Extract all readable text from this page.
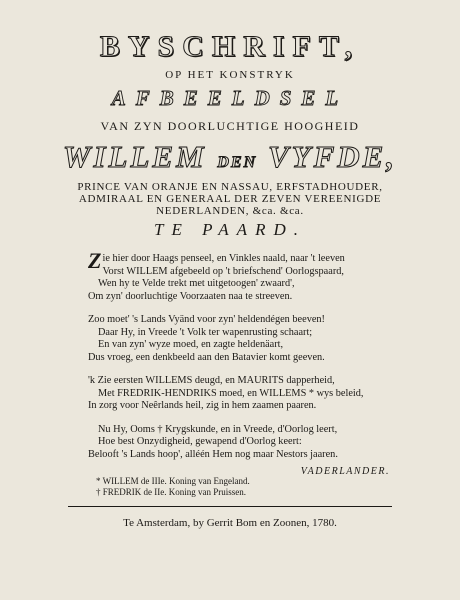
BYSCHRIFT,
OP HET KONSTRYK
AFBEELDSEL
VAN ZYN DOORLUCHTIGE HOOGHEID
WILLEM DEN VYFDE,
PRINCE VAN ORANJE EN NASSAU, ERFSTADHOUDER,
ADMIRAAL EN GENERAAL DER ZEVEN VEREENIGDE
NEDERLANDEN, &ca. &ca.
TE PAARD.
Zie hier door Haags penseel, en Vinkles naald, naar 't leeven
Vorst WILLEM afgebeeld op 't briefschend' Oorlogspaard,
Wen hy te Velde trekt met uitgetoogen' zwaard',
Om zyn' doorluchtige Voorzaaten naa te streeven.
Zoo moet' 's Lands Vyänd voor zyn' heldendégen beeven!
Daar Hy, in Vreede 't Volk ter wapenrusting schaart;
En van zyn' wyze moed, en zagte heldenäart,
Dus vroeg, een denkbeeld aan den Batavier komt geeven.
'k Zie eersten WILLEMS deugd, en MAURITS dapperheid,
Met FREDRIK-HENDRIKS moed, en WILLEMS * wys beleid,
In zorg voor Neêrlands heil, zig in hem zaamen paaren.
Nu Hy, Ooms † Krygskunde, en in Vreede, d'Oorlog leert,
Hoe best Onzydigheid, gewapend d'Oorlog keert:
Belooft 's Lands hoop', alléén Hem nog maar Nestors jaaren.
VADERLANDER.
* WILLEM de IIIe. Koning van Engeland.
† FREDRIK de IIe. Koning van Pruissen.
Te Amsterdam, by Gerrit Bom en Zoonen, 1780.
